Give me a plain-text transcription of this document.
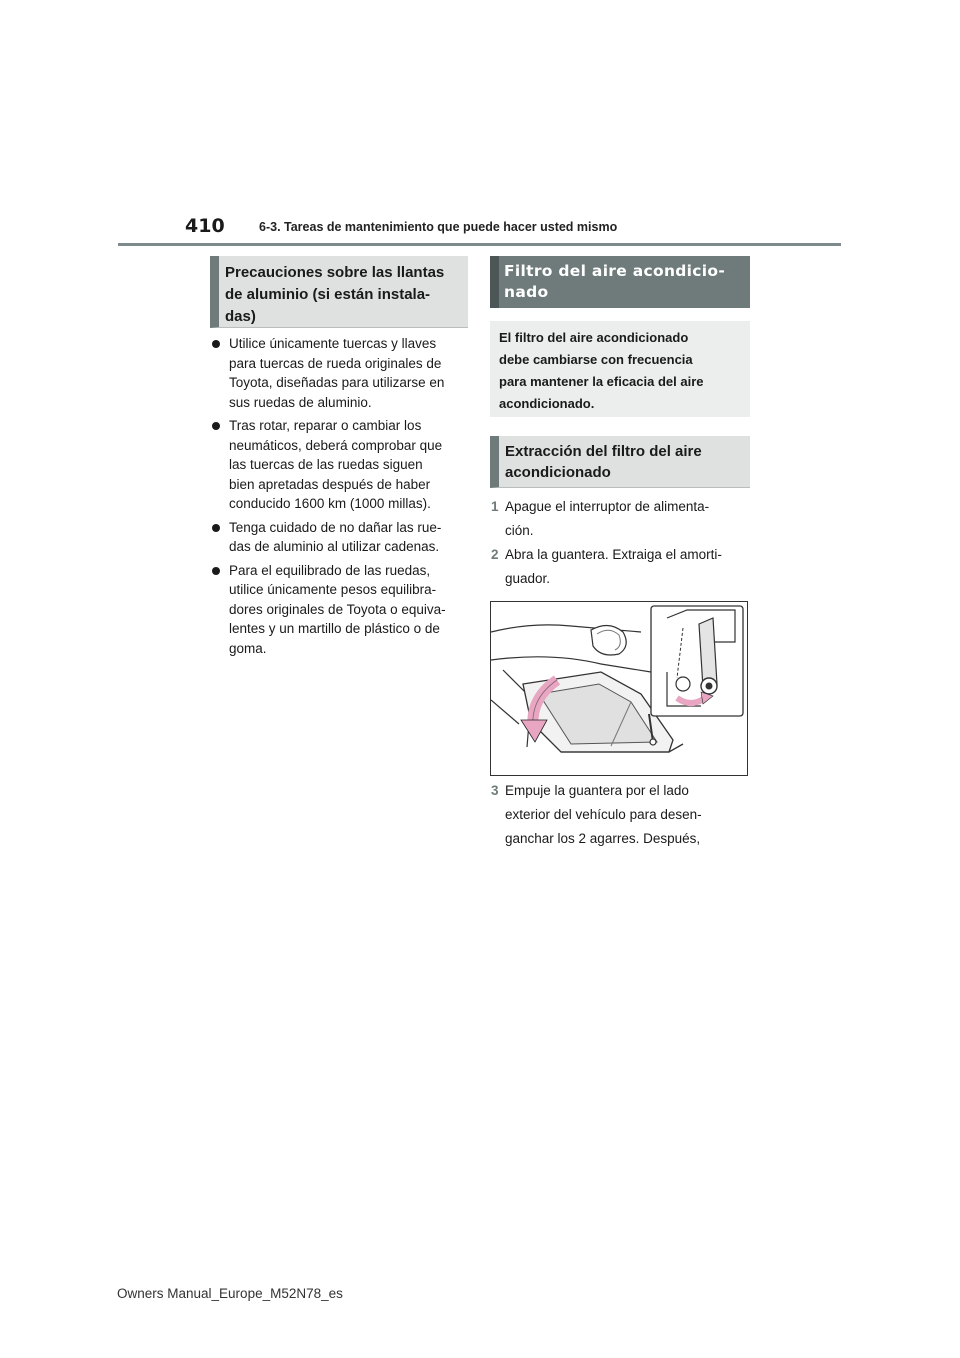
410	6-3. Tareas de mantenimiento que puede hacer usted mismo
Precauciones sobre las llantas
de aluminio (si están instala-
das)
Utilice únicamente tuercas y llaves
para tuercas de rueda originales de
Toyota, diseñadas para utilizarse en
sus ruedas de aluminio.
Tras rotar, reparar o cambiar los
neumáticos, deberá comprobar que
las tuercas de las ruedas siguen
bien apretadas después de haber
conducido 1600 km (1000 millas).
Tenga cuidado de no dañar las rue-
das de aluminio al utilizar cadenas.
Para el equilibrado de las ruedas,
utilice únicamente pesos equilibra-
dores originales de Toyota o equiva-
lentes y un martillo de plástico o de
goma.
Filtro del aire acondicio-
nado
El filtro del aire acondicionado
debe cambiarse con frecuencia
para mantener la eficacia del aire
acondicionado.
Extracción del filtro del aire
acondicionado
1 Apague el interruptor de alimenta-
ción.
2 Abra la guantera. Extraiga el amorti-
guador.
3 Empuje la guantera por el lado
exterior del vehículo para desen-
ganchar los 2 agarres. Después,
Owners Manual_Europe_M52N78_es
